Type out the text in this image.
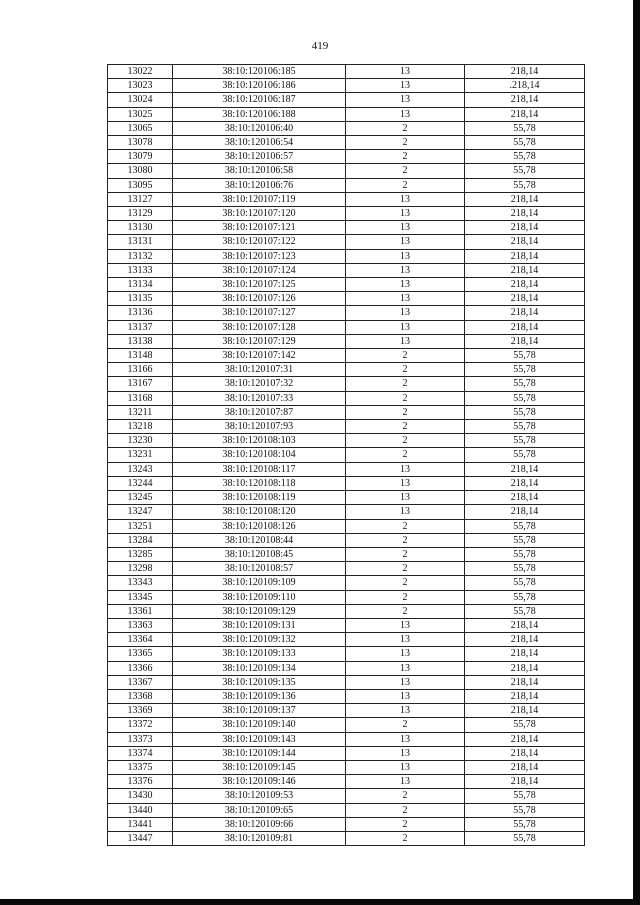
419
13022	38:10:120106:185	13	218,14
13023	38:10:120106:186	13	.218,14
13024	38:10:120106:187	13	218,14
13025	38:10:120106:188	13	218,14
13065	38:10:120106:40	2	55,78
13078	38:10:120106:54	2	55,78
13079	38:10:120106:57	2	55,78
13080	38:10:120106:58	2	55,78
13095	38:10:120106:76	2	55,78
13127	38:10:120107:119	13	218,14
13129	38:10:120107:120	13	218,14
13130	38:10:120107:121	13	218,14
13131	38:10:120107:122	13	218,14
13132	38:10:120107:123	13	218,14
13133	38:10:120107:124	13	218,14
13134	38:10:120107:125	13	218,14
13135	38:10:120107:126	13	218,14
13136	38:10:120107:127	13	218,14
13137	38:10:120107:128	13	218,14
13138	38:10:120107:129	13	218,14
13148	38:10:120107:142	2	55,78
13166	38:10:120107:31	2	55,78
13167	38:10:120107:32	2	55,78
13168	38:10:120107:33	2	55,78
13211	38:10:120107:87	2	55,78
13218	38:10:120107:93	2	55,78
13230	38:10:120108:103	2	55,78
13231	38:10:120108:104	2	55,78
13243	38:10:120108:117	13	218,14
13244	38:10:120108:118	13	218,14
13245	38:10:120108:119	13	218,14
13247	38:10:120108:120	13	218,14
13251	38:10:120108:126	2	55,78
13284	38:10:120108:44	2	55,78
13285	38:10:120108:45	2	55,78
13298	38:10:120108:57	2	55,78
13343	38:10:120109:109	2	55,78
13345	38:10:120109:110	2	55,78
13361	38:10:120109:129	2	55,78
13363	38:10:120109:131	13	218,14
13364	38:10:120109:132	13	218,14
13365	38:10:120109:133	13	218,14
13366	38:10:120109:134	13	218,14
13367	38:10:120109:135	13	218,14
13368	38:10:120109:136	13	218,14
13369	38:10:120109:137	13	218,14
13372	38:10:120109:140	2	55,78
13373	38:10:120109:143	13	218,14
13374	38:10:120109:144	13	218,14
13375	38:10:120109:145	13	218,14
13376	38:10:120109:146	13	218,14
13430	38:10:120109:53	2	55,78
13440	38:10:120109:65	2	55,78
13441	38:10:120109:66	2	55,78
13447	38:10:120109:81	2	55,78
